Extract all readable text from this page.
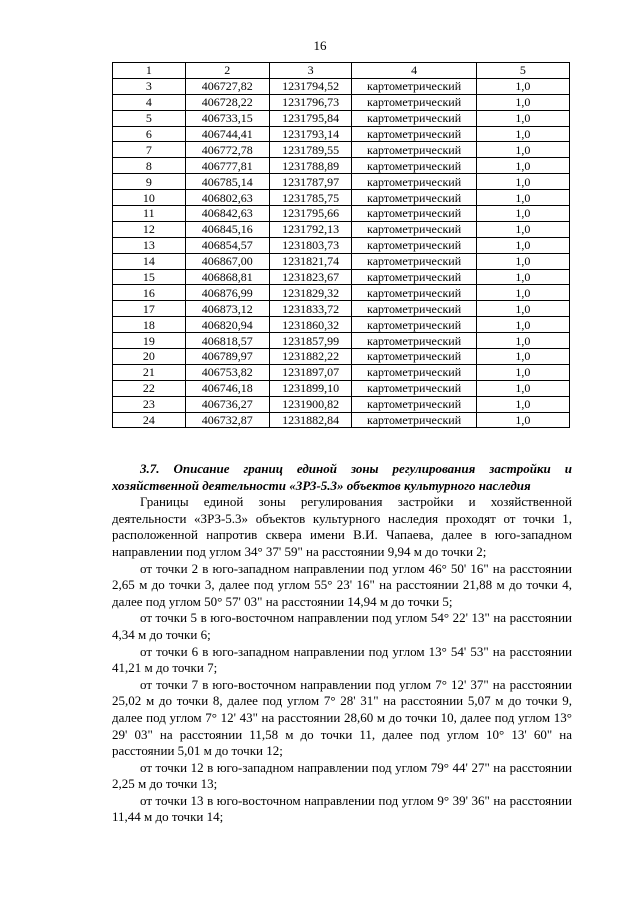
16
1	2	3	4	5
3	406727,82	1231794,52	картометрический	1,0
4	406728,22	1231796,73	картометрический	1,0
5	406733,15	1231795,84	картометрический	1,0
6	406744,41	1231793,14	картометрический	1,0
7	406772,78	1231789,55	картометрический	1,0
8	406777,81	1231788,89	картометрический	1,0
9	406785,14	1231787,97	картометрический	1,0
10	406802,63	1231785,75	картометрический	1,0
11	406842,63	1231795,66	картометрический	1,0
12	406845,16	1231792,13	картометрический	1,0
13	406854,57	1231803,73	картометрический	1,0
14	406867,00	1231821,74	картометрический	1,0
15	406868,81	1231823,67	картометрический	1,0
16	406876,99	1231829,32	картометрический	1,0
17	406873,12	1231833,72	картометрический	1,0
18	406820,94	1231860,32	картометрический	1,0
19	406818,57	1231857,99	картометрический	1,0
20	406789,97	1231882,22	картометрический	1,0
21	406753,82	1231897,07	картометрический	1,0
22	406746,18	1231899,10	картометрический	1,0
23	406736,27	1231900,82	картометрический	1,0
24	406732,87	1231882,84	картометрический	1,0

3.7. Описание границ единой зоны регулирования застройки и хозяйственной деятельности «ЗРЗ-5.3» объектов культурного наследия

Границы единой зоны регулирования застройки и хозяйственной деятельности «ЗРЗ-5.3» объектов культурного наследия проходят от точки 1, расположенной напротив сквера имени В.И. Чапаева, далее в юго-западном направлении под углом 34° 37' 59" на расстоянии 9,94 м до точки 2;

от точки 2 в юго-западном направлении под углом 46° 50' 16" на расстоянии 2,65 м до точки 3, далее под углом 55° 23' 16" на расстоянии 21,88 м до точки 4, далее под углом 50° 57' 03" на расстоянии 14,94 м до точки 5;

от точки 5 в юго-восточном направлении под углом 54° 22' 13" на расстоянии 4,34 м до точки 6;

от точки 6 в юго-западном направлении под углом 13° 54' 53" на расстоянии 41,21 м до точки 7;

от точки 7 в юго-восточном направлении под углом 7° 12' 37" на расстоянии 25,02 м до точки 8, далее под углом 7° 28' 31" на расстоянии 5,07 м до точки 9, далее под углом 7° 12' 43" на расстоянии 28,60 м до точки 10, далее под углом 13° 29' 03" на расстоянии 11,58 м до точки 11, далее под углом 10° 13' 60" на расстоянии 5,01 м до точки 12;

от точки 12 в юго-западном направлении под углом 79° 44' 27" на расстоянии 2,25 м до точки 13;

от точки 13 в юго-восточном направлении под углом 9° 39' 36" на расстоянии 11,44 м до точки 14;
